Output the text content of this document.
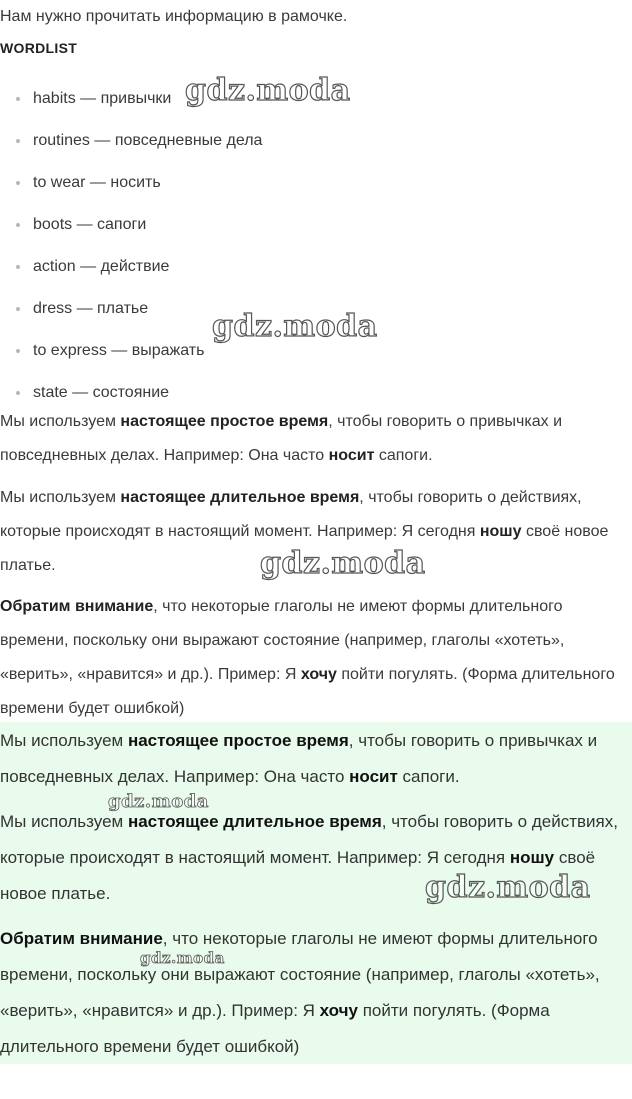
Нам нужно прочитать информацию в рамочке.
WORDLIST
habits — привычки
routines — повседневные дела
to wear — носить
boots — сапоги
action — действие
dress — платье
to express — выражать
state — состояние

Мы используем настоящее простое время, чтобы говорить о привычках и повседневных делах. Например: Она часто носит сапоги.

Мы используем настоящее длительное время, чтобы говорить о действиях, которые происходят в настоящий момент. Например: Я сегодня ношу своё новое платье.

Обратим внимание, что некоторые глаголы не имеют формы длительного времени, поскольку они выражают состояние (например, глаголы «хотеть», «верить», «нравится» и др.). Пример: Я хочу пойти погулять. (Форма длительного времени будет ошибкой)

Мы используем настоящее простое время, чтобы говорить о привычках и повседневных делах. Например: Она часто носит сапоги.

Мы используем настоящее длительное время, чтобы говорить о действиях, которые происходят в настоящий момент. Например: Я сегодня ношу своё новое платье.

Обратим внимание, что некоторые глаголы не имеют формы длительного времени, поскольку они выражают состояние (например, глаголы «хотеть», «верить», «нравится» и др.). Пример: Я хочу пойти погулять. (Форма длительного времени будет ошибкой)

gdz.moda
gdz.moda
gdz.moda
gdz.moda
gdz.moda
gdz.moda
